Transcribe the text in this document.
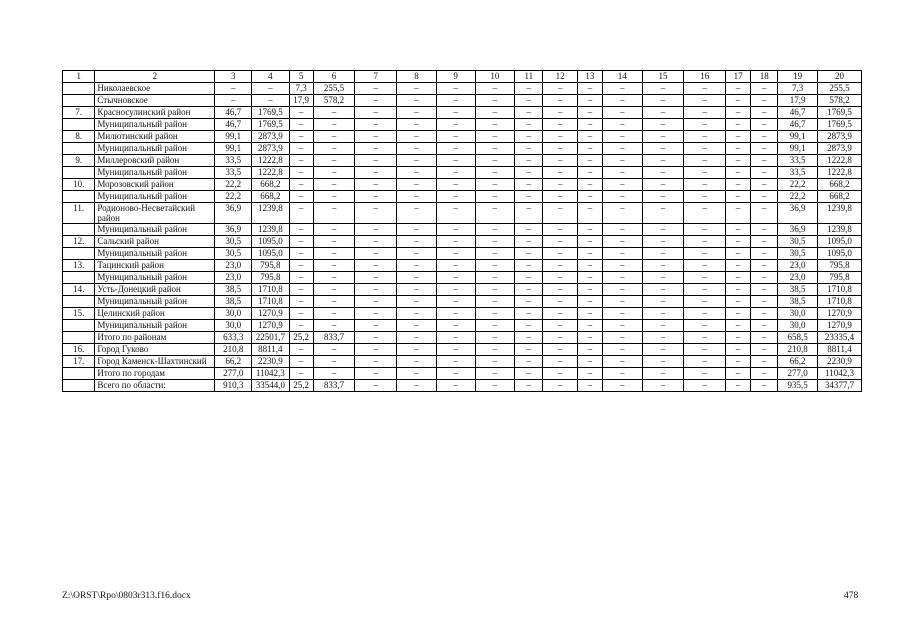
1	2	3	4	5	6	7	8	9	10	11	12	13	14	15	16	17	18	19	20
	Николаевское	–	–	7,3	255,5	–	–	–	–	–	–	–	–	–	–	–	–	7,3	255,5
	Стычновское	–	–	17,9	578,2	–	–	–	–	–	–	–	–	–	–	–	–	17,9	578,2
7.	Красносулинский район	46,7	1769,5	–	–	–	–	–	–	–	–	–	–	–	–	–	–	46,7	1769,5
	Муниципальный район	46,7	1769,5	–	–	–	–	–	–	–	–	–	–	–	–	–	–	46,7	1769,5
8.	Милютинский район	99,1	2873,9	–	–	–	–	–	–	–	–	–	–	–	–	–	–	99,1	2873,9
	Муниципальный район	99,1	2873,9	–	–	–	–	–	–	–	–	–	–	–	–	–	–	99,1	2873,9
9.	Миллеровский район	33,5	1222,8	–	–	–	–	–	–	–	–	–	–	–	–	–	–	33,5	1222,8
	Муниципальный район	33,5	1222,8	–	–	–	–	–	–	–	–	–	–	–	–	–	–	33,5	1222,8
10.	Морозовский район	22,2	668,2	–	–	–	–	–	–	–	–	–	–	–	–	–	–	22,2	668,2
	Муниципальный район	22,2	668,2	–	–	–	–	–	–	–	–	–	–	–	–	–	–	22,2	668,2
11.	Родионово-Несветайский район	36,9	1239,8	–	–	–	–	–	–	–	–	–	–	–	–	–	–	36,9	1239,8
	Муниципальный район	36,9	1239,8	–	–	–	–	–	–	–	–	–	–	–	–	–	–	36,9	1239,8
12.	Сальский район	30,5	1095,0	–	–	–	–	–	–	–	–	–	–	–	–	–	–	30,5	1095,0
	Муниципальный район	30,5	1095,0	–	–	–	–	–	–	–	–	–	–	–	–	–	–	30,5	1095,0
13.	Тацинский район	23,0	795,8	–	–	–	–	–	–	–	–	–	–	–	–	–	–	23,0	795,8
	Муниципальный район	23,0	795,8	–	–	–	–	–	–	–	–	–	–	–	–	–	–	23,0	795,8
14.	Усть-Донецкий район	38,5	1710,8	–	–	–	–	–	–	–	–	–	–	–	–	–	–	38,5	1710,8
	Муниципальный район	38,5	1710,8	–	–	–	–	–	–	–	–	–	–	–	–	–	–	38,5	1710,8
15.	Целинский район	30,0	1270,9	–	–	–	–	–	–	–	–	–	–	–	–	–	–	30,0	1270,9
	Муниципальный район	30,0	1270,9	–	–	–	–	–	–	–	–	–	–	–	–	–	–	30,0	1270,9
	Итого по районам	633,3	22501,7	25,2	833,7	–	–	–	–	–	–	–	–	–	–	–	–	658,5	23335,4
16.	Город Гуково	210,8	8811,4	–	–	–	–	–	–	–	–	–	–	–	–	–	–	210,8	8811,4
17.	Город Каменск-Шахтинский	66,2	2230,9	–	–	–	–	–	–	–	–	–	–	–	–	–	–	66,2	2230,9
	Итого по городам	277,0	11042,3	–	–	–	–	–	–	–	–	–	–	–	–	–	–	277,0	11042,3
	Всего по области:	910,3	33544,0	25,2	833,7	–	–	–	–	–	–	–	–	–	–	–	–	935,5	34377,7
Z:\ORST\Rpo\0803r313.f16.docx	478
